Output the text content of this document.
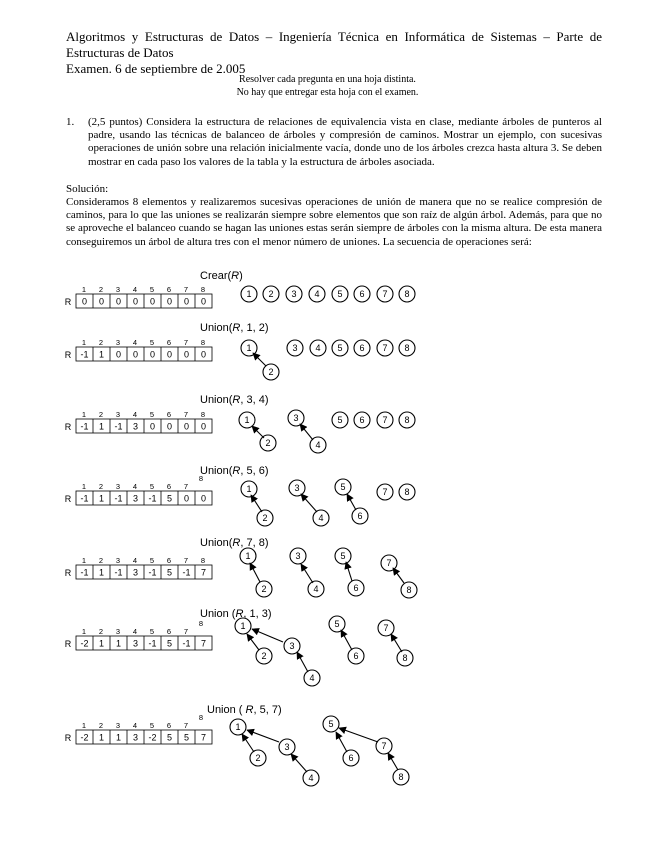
Algoritmos y Estructuras de Datos – Ingeniería Técnica en Informática de Sistemas – Parte de Estructuras de Datos
Examen. 6 de septiembre de 2.005
Resolver cada pregunta en una hoja distinta.
No hay que entregar esta hoja con el examen.
1. (2,5 puntos) Considera la estructura de relaciones de equivalencia vista en clase, mediante árboles de punteros al padre, usando las técnicas de balanceo de árboles y compresión de caminos. Mostrar un ejemplo, con sucesivas operaciones de unión sobre una relación inicialmente vacía, donde uno de los árboles crezca hasta altura 3. Se deben mostrar en cada paso los valores de la tabla y la estructura de árboles asociada.
Solución:
Consideramos 8 elementos y realizaremos sucesivas operaciones de unión de manera que no se realice compresión de caminos, para lo que las uniones se realizarán siempre sobre elementos que son raíz de algún árbol. Además, para que no se aproveche el balanceo cuando se hagan las uniones estas serán siempre de árboles con la misma altura. De esta manera conseguiremos un árbol de altura tres con el menor número de uniones. La secuencia de operaciones será:
Crear(R)
R
1 2 3 4 5 6 7 8
0 0 0 0 0 0 0 0
1 2 3 4 5 6 7 8
Union(R, 1, 2)
R
1 2 3 4 5 6 7 8
-1 1 0 0 0 0 0 0
1
2
3 4 5 6 7 8
Union(R, 3, 4)
R
1 2 3 4 5 6 7 8
-1 1 -1 3 0 0 0 0
1
2
3
4
5 6 7 8
Union(R, 5, 6)
R
1 2 3 4 5 6 7
8
-1 1 -1 3 -1 5 0 0
1
2
3
4
5
6
7 8
Union(R, 7, 8)
R
1 2 3 4 5 6 7 8
-1 1 -1 3 -1 5 -1 7
1
2
3
4
5
6
7
8
Union (R, 1, 3)
R
1 2 3 4 5 6 7
8
-2 1 1 3 -1 5 -1 7
1
2
3
4
5
6
7
8
Union ( R, 5, 7)
R
1 2 3 4 5 6 7
8
-2 1 1 3 -2 5 5 7
1
2
3
4
5
6
7
8
